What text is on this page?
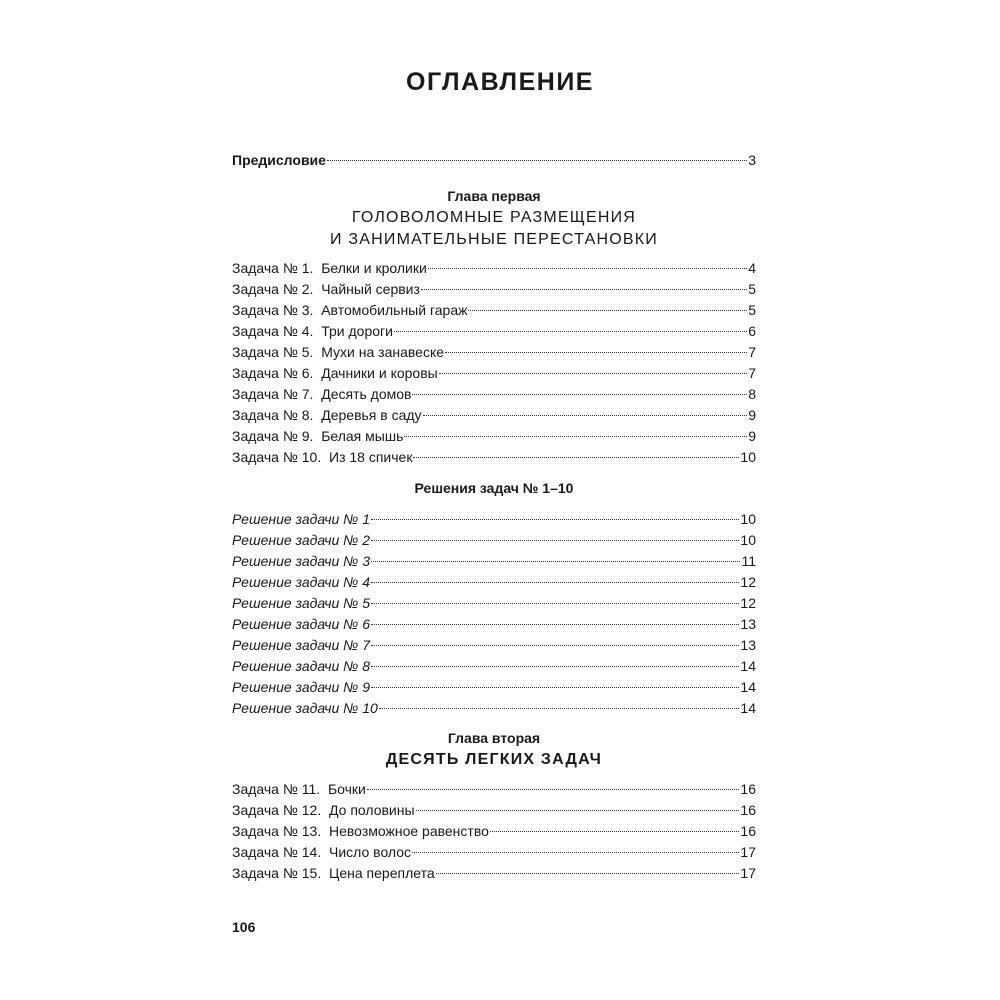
ОГЛАВЛЕНИЕ
Предисловие	3
Глава первая
ГОЛОВОЛОМНЫЕ РАЗМЕЩЕНИЯ
И ЗАНИМАТЕЛЬНЫЕ ПЕРЕСТАНОВКИ
Задача № 1.  Белки и кролики	4
Задача № 2.  Чайный сервиз	5
Задача № 3.  Автомобильный гараж	5
Задача № 4.  Три дороги	6
Задача № 5.  Мухи на занавеске	7
Задача № 6.  Дачники и коровы	7
Задача № 7.  Десять домов	8
Задача № 8.  Деревья в саду	9
Задача № 9.  Белая мышь	9
Задача № 10.  Из 18 спичек	10
Решения задач № 1–10
Решение задачи № 1	10
Решение задачи № 2	10
Решение задачи № 3	11
Решение задачи № 4	12
Решение задачи № 5	12
Решение задачи № 6	13
Решение задачи № 7	13
Решение задачи № 8	14
Решение задачи № 9	14
Решение задачи № 10	14
Глава вторая
ДЕСЯТЬ ЛЕГКИХ ЗАДАЧ
Задача № 11.  Бочки	16
Задача № 12.  До половины	16
Задача № 13.  Невозможное равенство	16
Задача № 14.  Число волос	17
Задача № 15.  Цена переплета	17
106
